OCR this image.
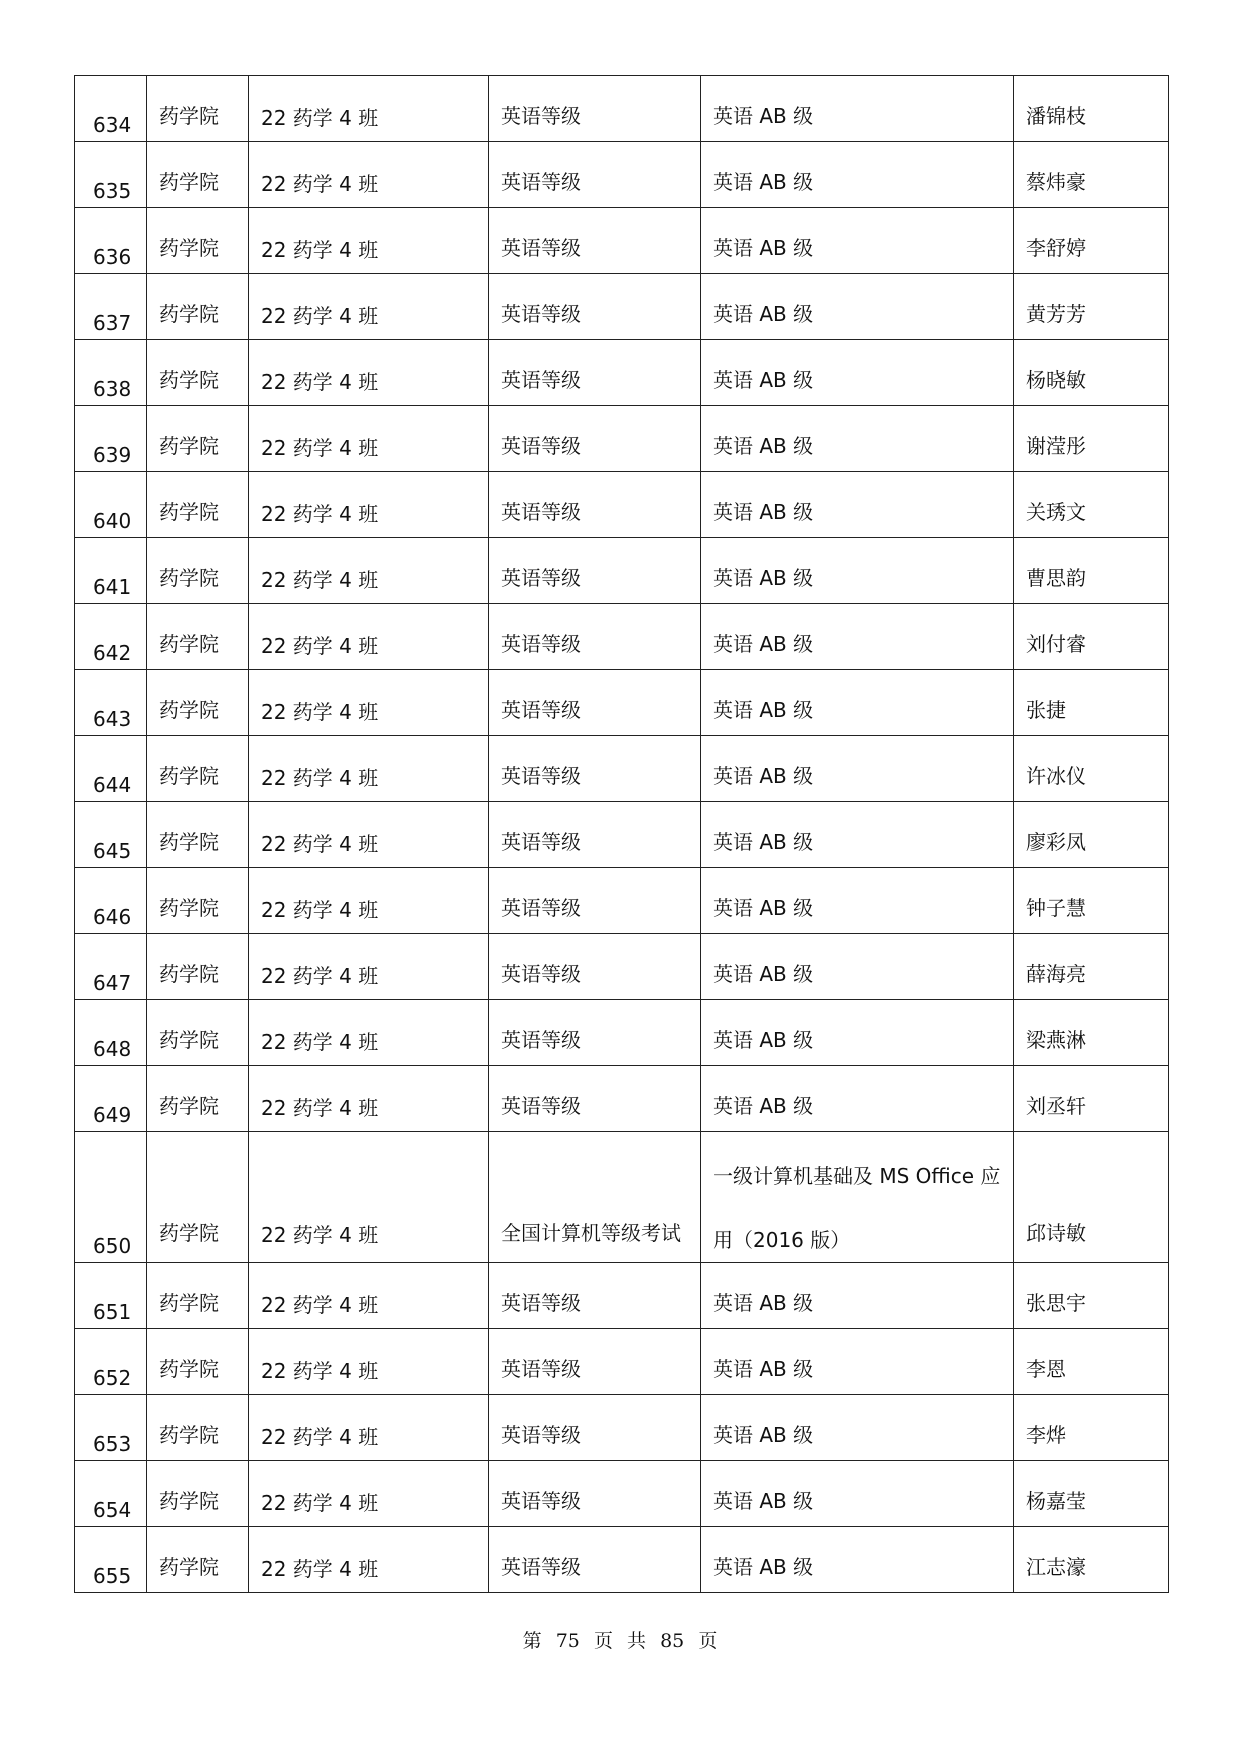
634	药学院	22 药学 4 班	英语等级	英语 AB 级	潘锦枝

635	药学院	22 药学 4 班	英语等级	英语 AB 级	蔡炜豪

636	药学院	22 药学 4 班	英语等级	英语 AB 级	李舒婷

637	药学院	22 药学 4 班	英语等级	英语 AB 级	黄芳芳

638	药学院	22 药学 4 班	英语等级	英语 AB 级	杨晓敏

639	药学院	22 药学 4 班	英语等级	英语 AB 级	谢滢彤

640	药学院	22 药学 4 班	英语等级	英语 AB 级	关琇文

641	药学院	22 药学 4 班	英语等级	英语 AB 级	曹思韵

642	药学院	22 药学 4 班	英语等级	英语 AB 级	刘付睿

643	药学院	22 药学 4 班	英语等级	英语 AB 级	张捷

644	药学院	22 药学 4 班	英语等级	英语 AB 级	许冰仪

645	药学院	22 药学 4 班	英语等级	英语 AB 级	廖彩凤

646	药学院	22 药学 4 班	英语等级	英语 AB 级	钟子慧

647	药学院	22 药学 4 班	英语等级	英语 AB 级	薛海亮

648	药学院	22 药学 4 班	英语等级	英语 AB 级	梁燕淋

649	药学院	22 药学 4 班	英语等级	英语 AB 级	刘丞轩

650	药学院	22 药学 4 班	全国计算机等级考试	一级计算机基础及 MS Office 应用（2016 版）	邱诗敏

651	药学院	22 药学 4 班	英语等级	英语 AB 级	张思宇

652	药学院	22 药学 4 班	英语等级	英语 AB 级	李恩

653	药学院	22 药学 4 班	英语等级	英语 AB 级	李烨

654	药学院	22 药学 4 班	英语等级	英语 AB 级	杨嘉莹

655	药学院	22 药学 4 班	英语等级	英语 AB 级	江志濠
第 75 页 共 85 页
